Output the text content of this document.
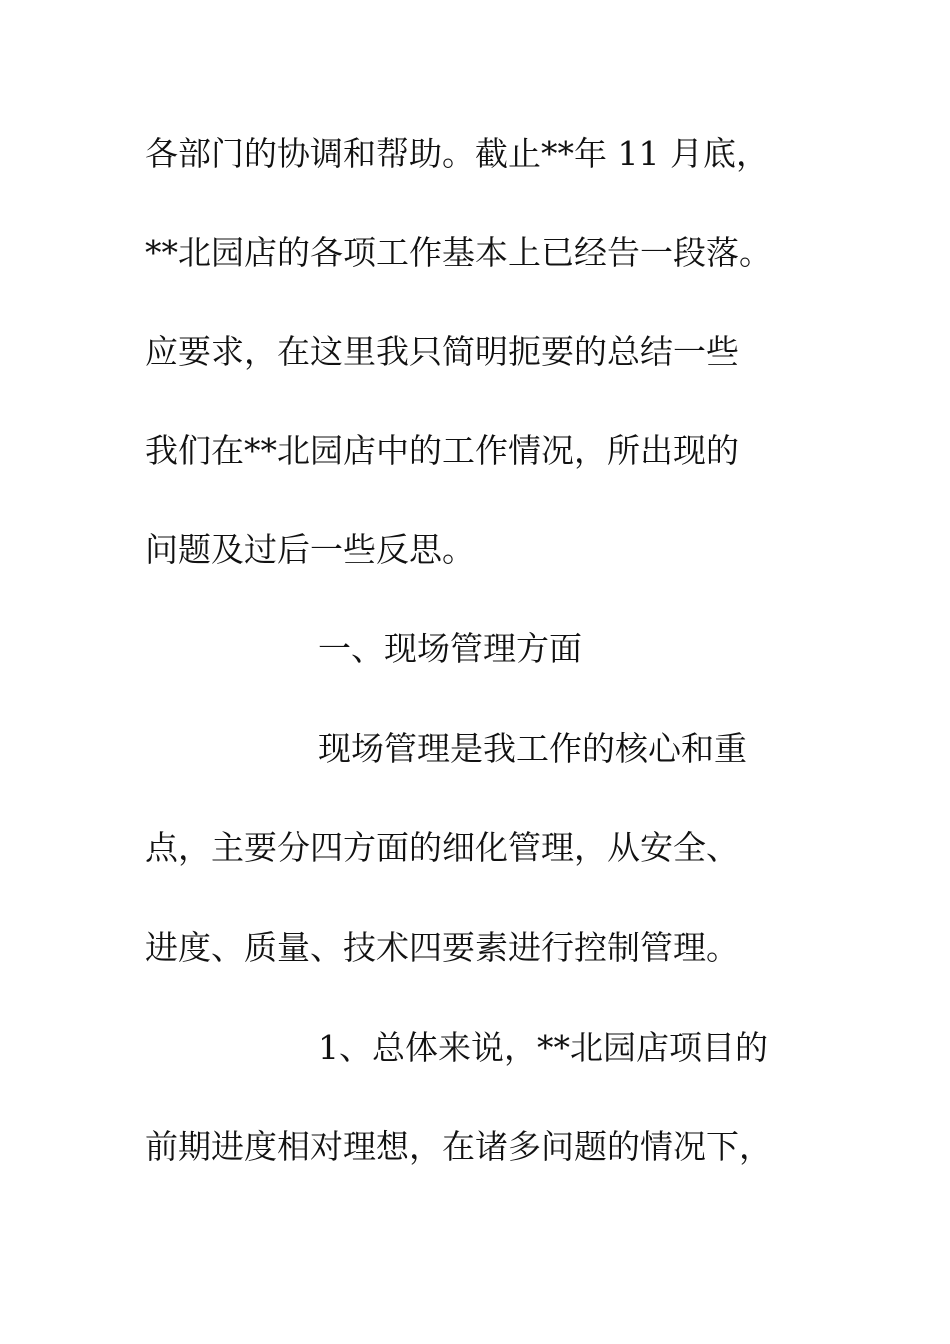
各部门的协调和帮助。截止**年 11 月底，
**北园店的各项工作基本上已经告一段落。
应要求，在这里我只简明扼要的总结一些
我们在**北园店中的工作情况，所出现的
问题及过后一些反思。
一、现场管理方面
现场管理是我工作的核心和重
点，主要分四方面的细化管理，从安全、
进度、质量、技术四要素进行控制管理。
1、总体来说，**北园店项目的
前期进度相对理想，在诸多问题的情况下，
